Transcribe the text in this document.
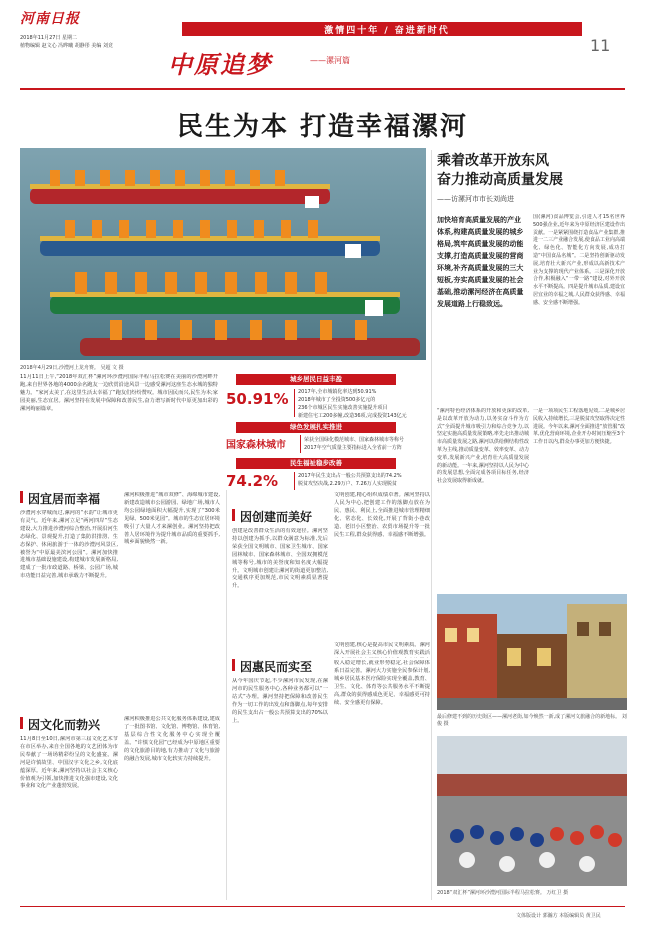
河南日报
激情四十年 / 奋进新时代
11
2018年11月27日 星期二
植物编辑 赵文心 冯晔曦 胡静彤 美编 刘竞
中原追梦	——漯河篇
民生为本 打造幸福漯河
2018年4月29日,沙澧河上龙舟赛。 吴超 文 摄
乘着改革开放东风
奋力推动高质量发展
——访漯河市市长刘尚进
加快培育高质量发展的产业体系,构建高质量发展的城乡格局,筑牢高质量发展的动能支撑,打造高质量发展的营商环境,补齐高质量发展的三大短板,夯实高质量发展的社会基础,推动漯河经济在高质量发展道路上行稳致远。
国(漯河)食品博览会,引进人才15名世界500强企业,近年来为中原经济区建设作出贡献。一是紧紧围绕打造食品产业集群,推进一二三产业融合发展,使食品工业向高端化、绿色化、智能化方向发展,成功打造“中国食品名城”。二是坚持创新驱动发展,培育壮大新兴产业,形成以高新技术产业为支撑的现代产业体系。三是深化开放合作,积极融入“一带一路”建设,对外开放水平不断提高。四是提升城市品质,建设宜居宜业的幸福之城,人民群众获得感、幸福感、安全感不断增强。
“漯河特色经济体系的开放和更深的改革,是以改革开放为动力,以务实奋斗作为方式”全面提升城市吸引力和综合竞争力,以坚定实施高质量发展策略,率先走出推动城市高质量发展之路,漯河以供给侧结构性改革为主线,推动质量变革、效率变革、动力变革,发展新兴产业,培育壮大高质量发展的新动能。一年来,漯河坚持以人民为中心的发展思想,全面完成各项目标任务,经济社会发展取得新成就。
一是一项项民生工程落地见效,二是城乡居民收入持续增长,三是脱贫攻坚取得决定性进展。今年以来,漯河全面推进“放管服”改革,优化营商环境,企业开办时间压缩至3个工作日以内,群众办事更加方便快捷。
城乡居民日益丰盈
50.91% 2017年,全市城镇化率达到50.91%
2018年城市了全投资500多亿元的
236个市城区民生实施改善实施提升项目
新建住宅工200多幢,改造36项,完成投资143亿元
绿色发展扎实推进
国家森林城市	荣获全国绿化模范城市、国家森林城市等称号
2017年空气质量主要指标进入全省前一方阵
民生福祉稳步改善
74.2%	2017年民生支出占一般公共预算支出的74.2%
脱贫攻坚决战,2.29万户、7.26万人实现脱贫
11月11日上午,“2018年双汇杯”漯河环沙澧河国际半程马拉松赛在美丽的沙澧河畔开跑,来自世界各地的4000余名跑友一边欣赏沿途风景一边感受漯河这座生态水城的独特魅力。“家河太美了,在这里生活太幸福了”跑友们纷纷赞叹。城市因民而兴,民生为本;家园美丽,生态宜居。漯河坚持在发展中保障和改善民生,奋力谱写新时代中原更加出彩的漯河绚丽篇章。
因宜居而幸福
沙澧河水穿城而过,漯河的“水韵”让城市更有灵气。近年来,漯河立足“两河四岸”生态建设,大力推进沙澧河综合整治,开展沿河生态绿化、景观提升,打造了集防洪排涝、生态保护、休闲旅游于一体的沙澧河风景区,被誉为“中原最美滨河公园”。漯河加快推进城市基础设施建设,构建城市发展新格局,建成了一批市政道路、桥梁、公园广场,城市功能日益完善,城市承载力不断提升。
漯河积极推进“城市双修”、海绵城市建设,新建改造城市公园游园、绿地广场,城市人均公园绿地面积大幅提升,实现了“300米见绿、500米见园”。城市的生态宜居环境吸引了大量人才来漯创业。漯河坚持把改善人居环境作为提升城市品质的重要抓手,城乡面貌焕然一新。
因创建而美好
创建是改善群众生活的有效途径。漯河坚持以创建为抓手,以群众满意为标准,先后荣获全国文明城市、国家卫生城市、国家园林城市、国家森林城市、全国双拥模范城等称号,城市的美誉度和知名度大幅提升。文明城市创建让漯河的街道更加整洁,交通秩序更加规范,市民文明素质显著提升。
文明创建,精心组织成绩卓著。漯河坚持以人民为中心,把创建工作的落脚点放在为民、惠民、利民上,全面推进城市管理精细化、常态化、长效化,开展了背街小巷改造、老旧小区整治、农贸市场提升等一批民生工程,群众获得感、幸福感不断增强。
因惠民而实至
从今年国庆节起,不少漯河市民发现,在漯河市的民生服务中心,各种业务都可以“一站式”办理。漯河坚持把保障和改善民生作为一切工作的出发点和落脚点,每年安排的民生支出占一般公共预算支出的70%以上。
收入稳定增长,就业形势稳定,社会保障体系日益完善。漯河大力实施全民参保计划,城乡居民基本医疗保险实现全覆盖,教育、卫生、文化、体育等公共服务水平不断提高,群众的获得感成色更足、幸福感更可持续、安全感更有保障。
因文化而勃兴
11月8日至10日,漯河市第三届文化艺术节在市区举办,来自全国各地的文艺团体为市民奉献了一场场精彩纷呈的文化盛宴。漯河是许慎故里、中国汉字文化之乡,文化底蕴深厚。近年来,漯河坚持以社会主义核心价值观为引领,加快推进文化强市建设,文化事业和文化产业蓬勃发展。
漯河积极推进公共文化服务体系建设,建成了一批图书馆、文化馆、博物馆、体育馆,基层综合性文化服务中心实现全覆盖。“许慎文化园”已经成为中原地区重要的文化旅游目的地,有力推动了文化与旅游的融合发展,城市文化软实力持续提升。
文明创建,核心是提高市民文明素质。漯河深入开展社会主义核心价值观教育实践活
最后修建不到的历史街区——漯河老街,如今焕然一新,成了漯河文旅融合的新地标。 刘俊 摄
2018“双汇杯”漯河环沙澧河国际半程马拉松赛。 万红卫 摄
文体版设计 郭瀚方 本版编辑员 黄卫民
